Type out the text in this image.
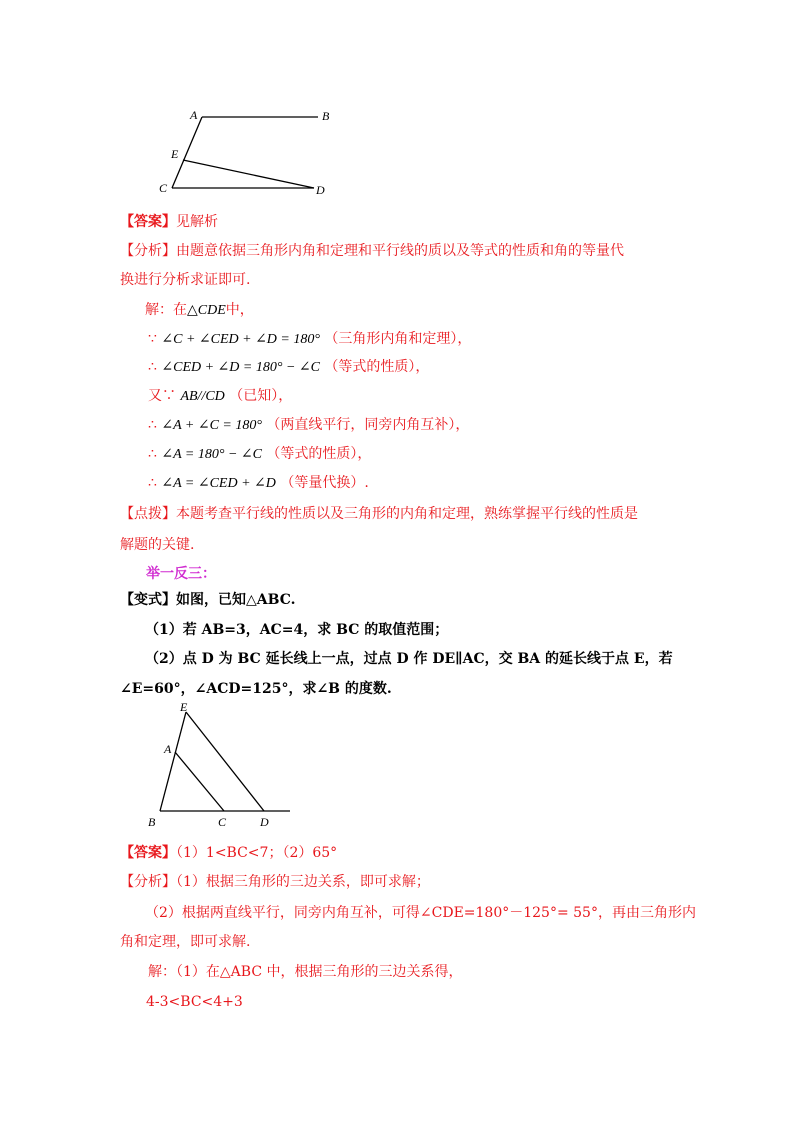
A	B
E
C	D
【答案】见解析
【分析】由题意依据三角形内角和定理和平行线的质以及等式的性质和角的等量代
换进行分析求证即可.
解：在△CDE中，
∵ ∠C + ∠CED + ∠D = 180° （三角形内角和定理），
∴ ∠CED + ∠D = 180° − ∠C （等式的性质），
又∵ AB//CD （已知），
∴ ∠A + ∠C = 180° （两直线平行，同旁内角互补），
∴ ∠A = 180° − ∠C （等式的性质），
∴ ∠A = ∠CED + ∠D （等量代换）.
【点拨】本题考查平行线的性质以及三角形的内角和定理，熟练掌握平行线的性质是
解题的关键.
举一反三：
【变式】如图，已知△ABC.
（1）若 AB=3，AC=4，求 BC 的取值范围；
（2）点 D 为 BC 延长线上一点，过点 D 作 DE∥AC，交 BA 的延长线于点 E，若
∠E=60°，∠ACD=125°，求∠B 的度数.
E
A
B	C	D
【答案】（1）1<BC<7；（2）65°
【分析】（1）根据三角形的三边关系，即可求解；
（2）根据两直线平行，同旁内角互补，可得∠CDE=180°－125°= 55°，再由三角形内
角和定理，即可求解.
解：（1）在△ABC 中，根据三角形的三边关系得，
4-3<BC<4+3
